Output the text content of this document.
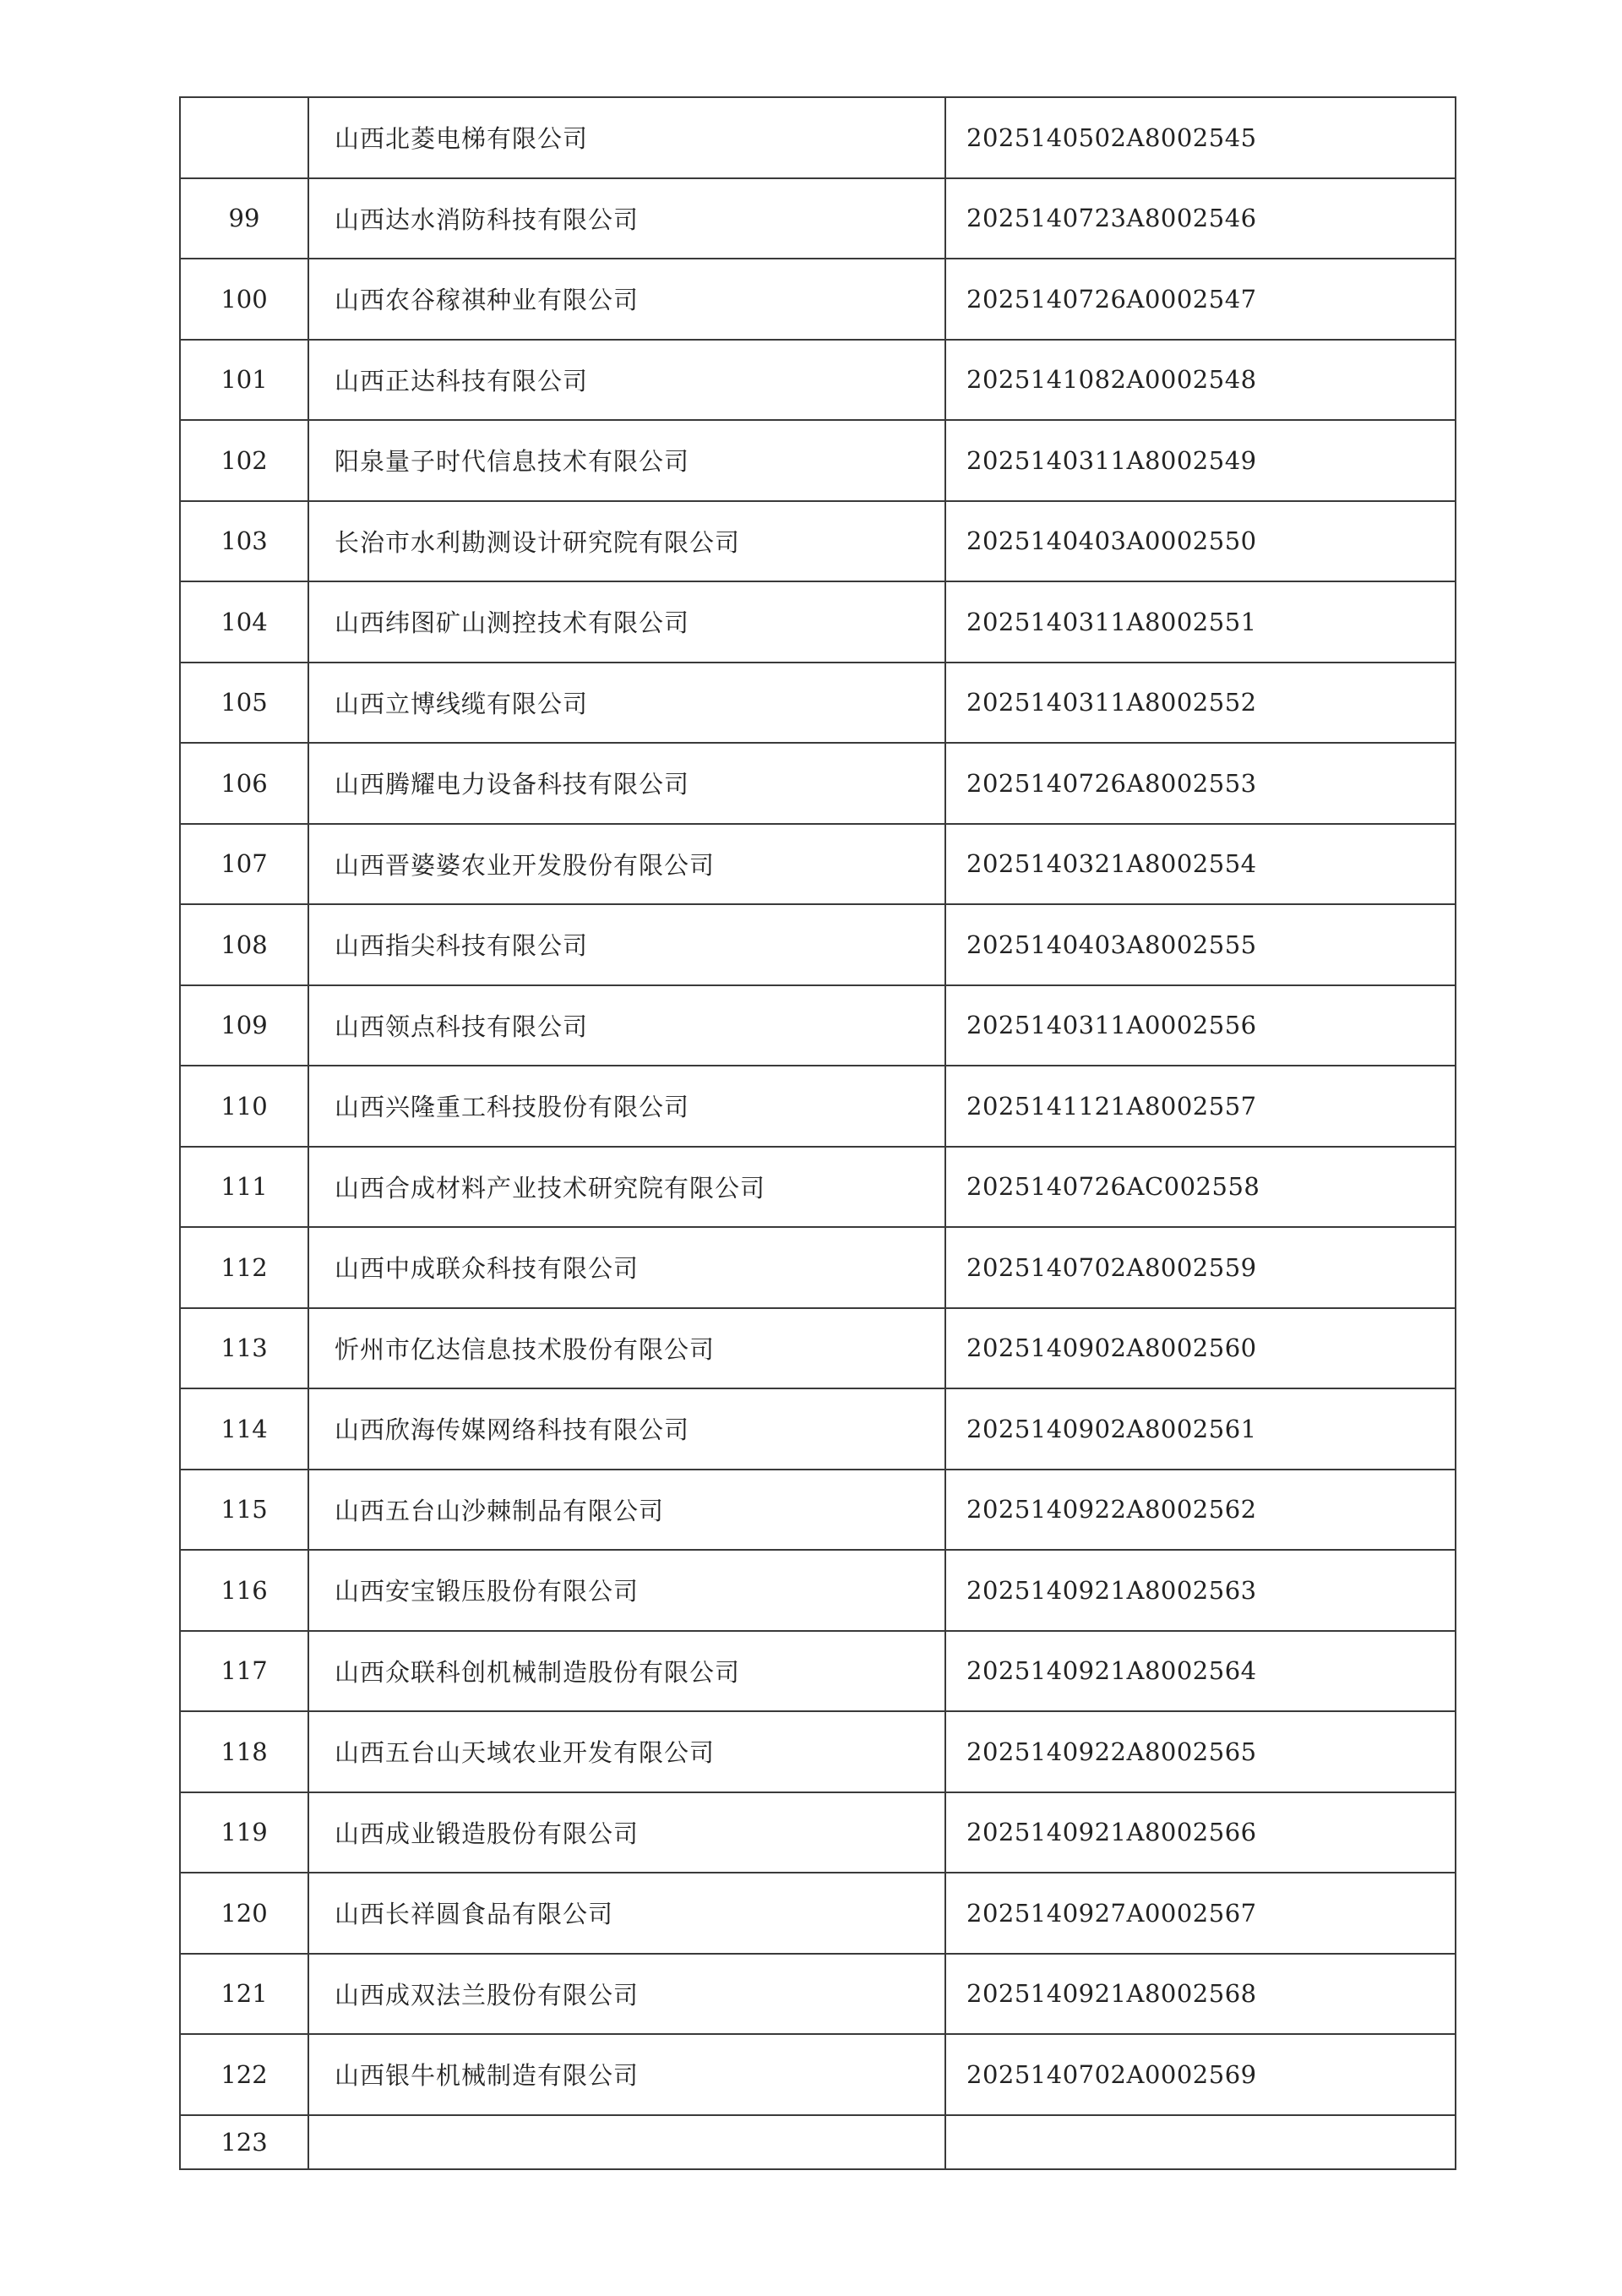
	山西北菱电梯有限公司	2025140502A8002545
99	山西达水消防科技有限公司	2025140723A8002546
100	山西农谷稼祺种业有限公司	2025140726A0002547
101	山西正达科技有限公司	2025141082A0002548
102	阳泉量子时代信息技术有限公司	2025140311A8002549
103	长治市水利勘测设计研究院有限公司	2025140403A0002550
104	山西纬图矿山测控技术有限公司	2025140311A8002551
105	山西立博线缆有限公司	2025140311A8002552
106	山西腾耀电力设备科技有限公司	2025140726A8002553
107	山西晋婆婆农业开发股份有限公司	2025140321A8002554
108	山西指尖科技有限公司	2025140403A8002555
109	山西领点科技有限公司	2025140311A0002556
110	山西兴隆重工科技股份有限公司	2025141121A8002557
111	山西合成材料产业技术研究院有限公司	2025140726AC002558
112	山西中成联众科技有限公司	2025140702A8002559
113	忻州市亿达信息技术股份有限公司	2025140902A8002560
114	山西欣海传媒网络科技有限公司	2025140902A8002561
115	山西五台山沙棘制品有限公司	2025140922A8002562
116	山西安宝锻压股份有限公司	2025140921A8002563
117	山西众联科创机械制造股份有限公司	2025140921A8002564
118	山西五台山天域农业开发有限公司	2025140922A8002565
119	山西成业锻造股份有限公司	2025140921A8002566
120	山西长祥圆食品有限公司	2025140927A0002567
121	山西成双法兰股份有限公司	2025140921A8002568
122	山西银牛机械制造有限公司	2025140702A0002569
123		
